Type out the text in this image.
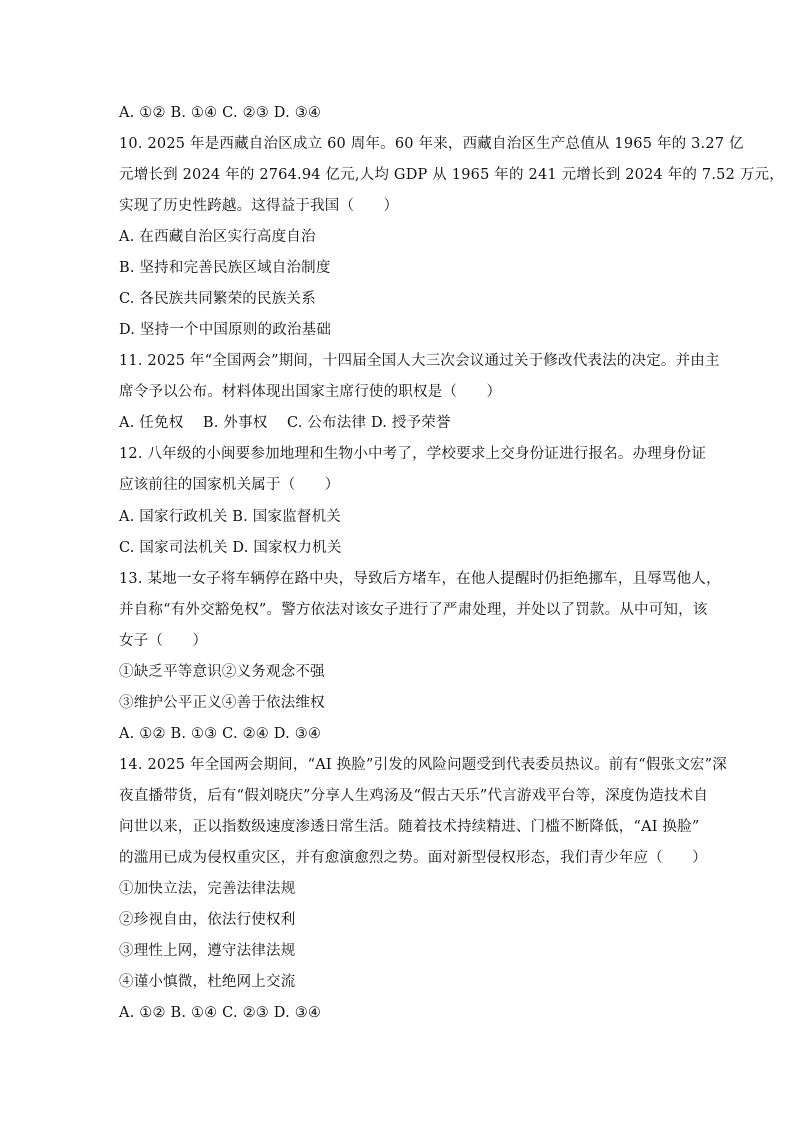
A. ①② B. ①④ C. ②③ D. ③④
10. 2025 年是西藏自治区成立 60 周年。60 年来，西藏自治区生产总值从 1965 年的 3.27 亿
元增长到 2024 年的 2764.94 亿元,人均 GDP 从 1965 年的 241 元增长到 2024 年的 7.52 万元，
实现了历史性跨越。这得益于我国（　　）
A. 在西藏自治区实行高度自治
B. 坚持和完善民族区域自治制度
C. 各民族共同繁荣的民族关系
D. 坚持一个中国原则的政治基础
11. 2025 年“全国两会”期间，十四届全国人大三次会议通过关于修改代表法的决定。并由主
席令予以公布。材料体现出国家主席行使的职权是（　　）
A. 任免权　 B. 外事权　 C. 公布法律 D. 授予荣誉
12. 八年级的小闽要参加地理和生物小中考了，学校要求上交身份证进行报名。办理身份证
应该前往的国家机关属于（　　）
A. 国家行政机关 B. 国家监督机关
C. 国家司法机关 D. 国家权力机关
13. 某地一女子将车辆停在路中央，导致后方堵车，在他人提醒时仍拒绝挪车，且辱骂他人，
并自称“有外交豁免权”。警方依法对该女子进行了严肃处理，并处以了罚款。从中可知，该
女子（　　）
①缺乏平等意识②义务观念不强
③维护公平正义④善于依法维权
A. ①② B. ①③ C. ②④ D. ③④
14. 2025 年全国两会期间，“AI 换脸”引发的风险问题受到代表委员热议。前有“假张文宏”深
夜直播带货，后有“假刘晓庆”分享人生鸡汤及“假古天乐”代言游戏平台等，深度伪造技术自
问世以来，正以指数级速度渗透日常生活。随着技术持续精进、门槛不断降低，“AI 换脸”
的滥用已成为侵权重灾区，并有愈演愈烈之势。面对新型侵权形态，我们青少年应（　　）
①加快立法，完善法律法规
②珍视自由，依法行使权利
③理性上网，遵守法律法规
④谨小慎微，杜绝网上交流
A. ①② B. ①④ C. ②③ D. ③④
